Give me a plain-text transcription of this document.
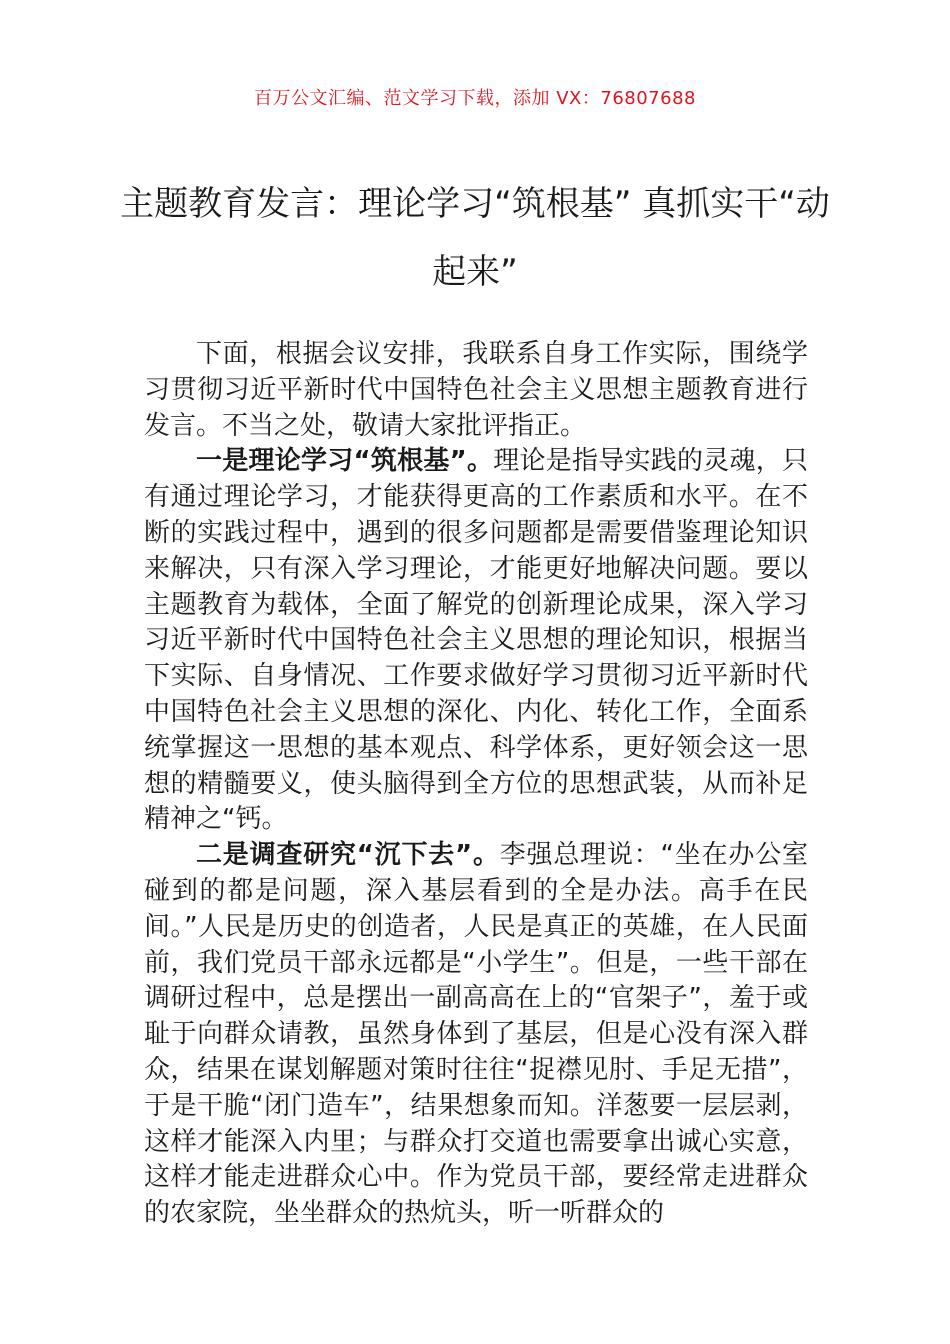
百万公文汇编、范文学习下载，添加 VX：76807688
主题教育发言：理论学习“筑根基” 真抓实干“动起来”

下面，根据会议安排，我联系自身工作实际，围绕学习贯彻习近平新时代中国特色社会主义思想主题教育进行发言。不当之处，敬请大家批评指正。

一是理论学习“筑根基”。理论是指导实践的灵魂，只有通过理论学习，才能获得更高的工作素质和水平。在不断的实践过程中，遇到的很多问题都是需要借鉴理论知识来解决，只有深入学习理论，才能更好地解决问题。要以主题教育为载体，全面了解党的创新理论成果，深入学习习近平新时代中国特色社会主义思想的理论知识，根据当下实际、自身情况、工作要求做好学习贯彻习近平新时代中国特色社会主义思想的深化、内化、转化工作，全面系统掌握这一思想的基本观点、科学体系，更好领会这一思想的精髓要义，使头脑得到全方位的思想武装，从而补足精神之“钙。

二是调查研究“沉下去”。李强总理说：“坐在办公室碰到的都是问题，深入基层看到的全是办法。高手在民间。”人民是历史的创造者，人民是真正的英雄，在人民面前，我们党员干部永远都是“小学生”。但是，一些干部在调研过程中，总是摆出一副高高在上的“官架子”，羞于或耻于向群众请教，虽然身体到了基层，但是心没有深入群众，结果在谋划解题对策时往往“捉襟见肘、手足无措”，于是干脆“闭门造车”，结果想象而知。洋葱要一层层剥，这样才能深入内里；与群众打交道也需要拿出诚心实意，这样才能走进群众心中。作为党员干部，要经常走进群众的农家院，坐坐群众的热炕头，听一听群众的
